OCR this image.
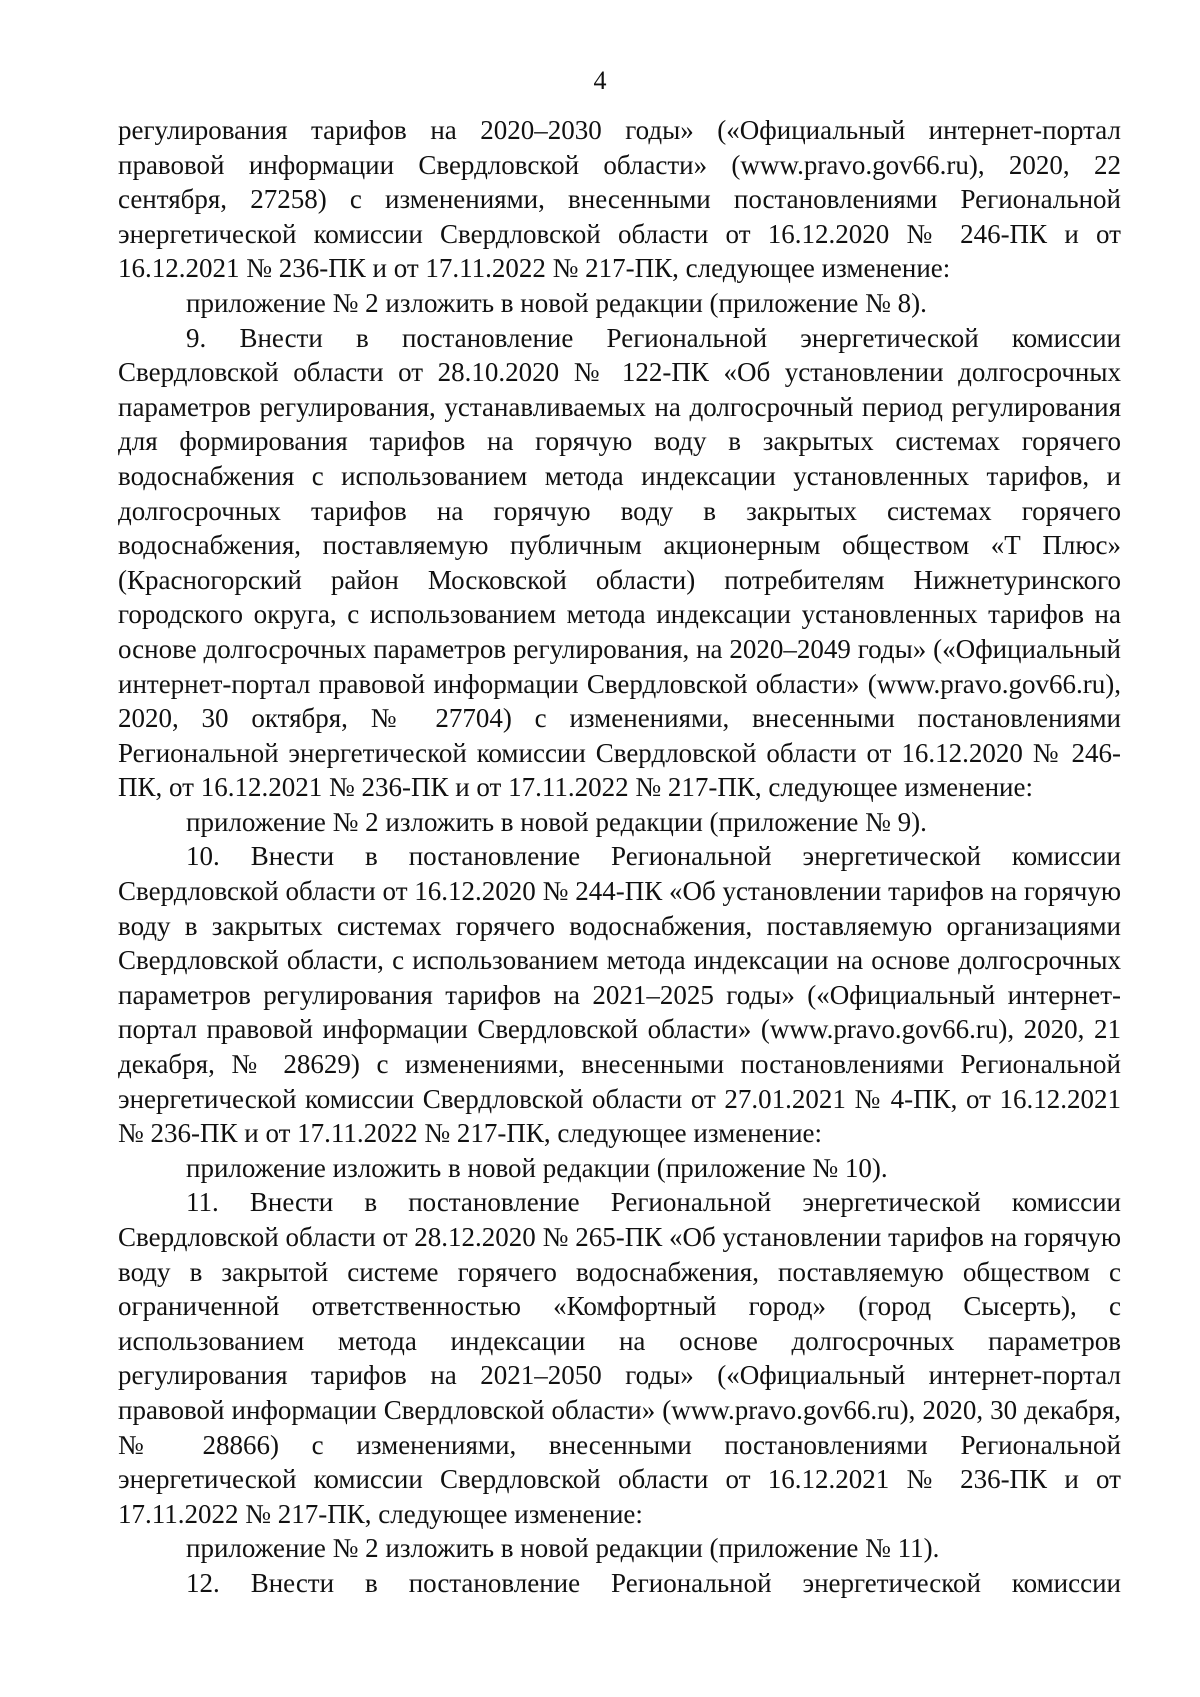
4

регулирования тарифов на 2020–2030 годы» («Официальный интернет-портал правовой информации Свердловской области» (www.pravo.gov66.ru), 2020, 22 сентября, 27258) с изменениями, внесенными постановлениями Региональной энергетической комиссии Свердловской области от 16.12.2020 № 246-ПК и от 16.12.2021 № 236-ПК и от 17.11.2022 № 217-ПК, следующее изменение:

приложение № 2 изложить в новой редакции (приложение № 8).

9. Внести в постановление Региональной энергетической комиссии Свердловской области от 28.10.2020 № 122-ПК «Об установлении долгосрочных параметров регулирования, устанавливаемых на долгосрочный период регулирования для формирования тарифов на горячую воду в закрытых системах горячего водоснабжения с использованием метода индексации установленных тарифов, и долгосрочных тарифов на горячую воду в закрытых системах горячего водоснабжения, поставляемую публичным акционерным обществом «Т Плюс» (Красногорский район Московской области) потребителям Нижнетуринского городского округа, с использованием метода индексации установленных тарифов на основе долгосрочных параметров регулирования, на 2020–2049 годы» («Официальный интернет-портал правовой информации Свердловской области» (www.pravo.gov66.ru), 2020, 30 октября, № 27704) с изменениями, внесенными постановлениями Региональной энергетической комиссии Свердловской области от 16.12.2020 № 246-ПК, от 16.12.2021 № 236-ПК и от 17.11.2022 № 217-ПК, следующее изменение:

приложение № 2 изложить в новой редакции (приложение № 9).

10. Внести в постановление Региональной энергетической комиссии Свердловской области от 16.12.2020 № 244-ПК «Об установлении тарифов на горячую воду в закрытых системах горячего водоснабжения, поставляемую организациями Свердловской области, с использованием метода индексации на основе долгосрочных параметров регулирования тарифов на 2021–2025 годы» («Официальный интернет-портал правовой информации Свердловской области» (www.pravo.gov66.ru), 2020, 21 декабря, № 28629) с изменениями, внесенными постановлениями Региональной энергетической комиссии Свердловской области от 27.01.2021 № 4-ПК, от 16.12.2021 № 236-ПК и от 17.11.2022 № 217-ПК, следующее изменение:

приложение изложить в новой редакции (приложение № 10).

11. Внести в постановление Региональной энергетической комиссии Свердловской области от 28.12.2020 № 265-ПК «Об установлении тарифов на горячую воду в закрытой системе горячего водоснабжения, поставляемую обществом с ограниченной ответственностью «Комфортный город» (город Сысерть), с использованием метода индексации на основе долгосрочных параметров регулирования тарифов на 2021–2050 годы» («Официальный интернет-портал правовой информации Свердловской области» (www.pravo.gov66.ru), 2020, 30 декабря, № 28866) с изменениями, внесенными постановлениями Региональной энергетической комиссии Свердловской области от 16.12.2021 № 236-ПК и от 17.11.2022 № 217-ПК, следующее изменение:

приложение № 2 изложить в новой редакции (приложение № 11).

12. Внести в постановление Региональной энергетической комиссии
